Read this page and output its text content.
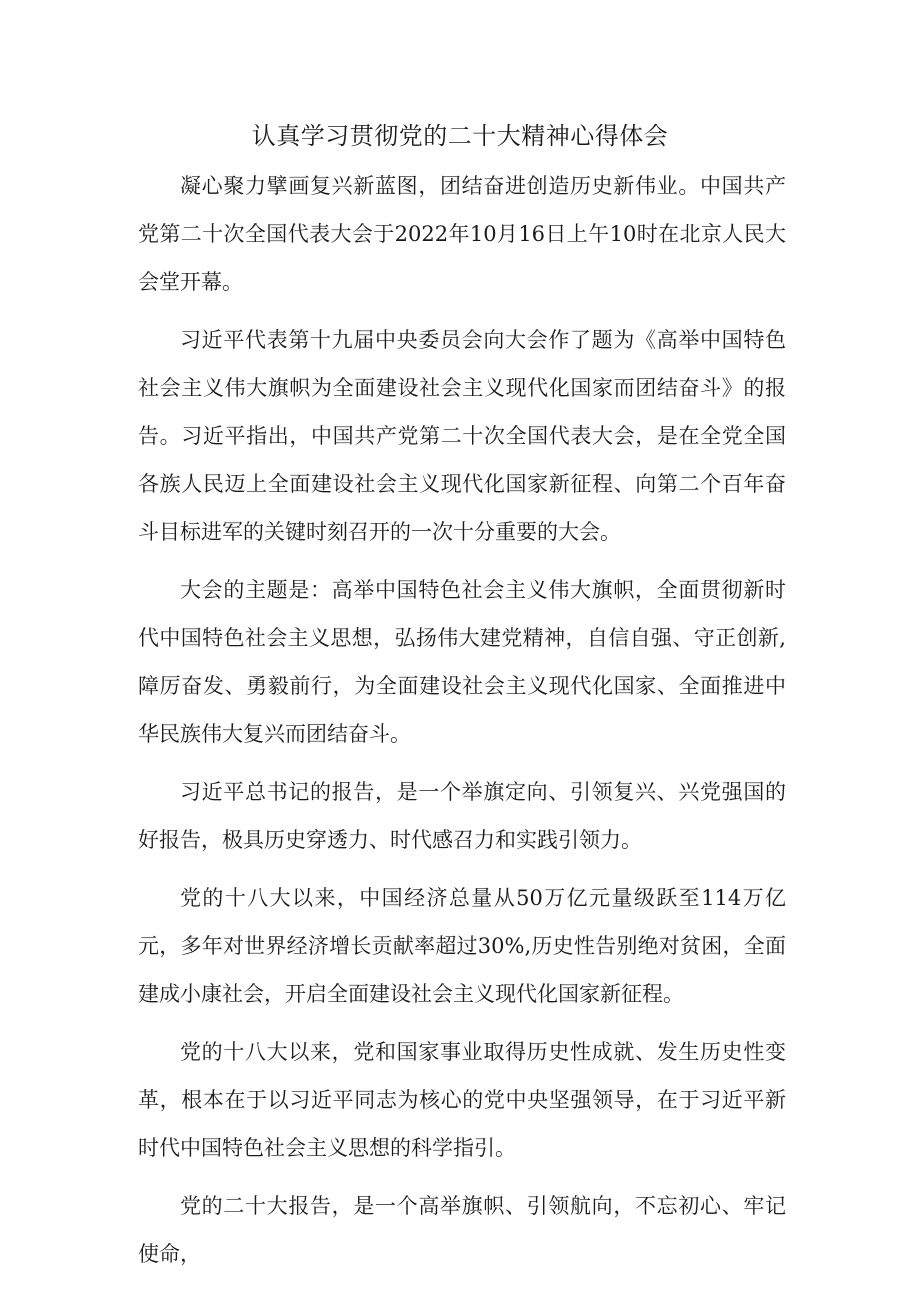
认真学习贯彻党的二十大精神心得体会

凝心聚力擘画复兴新蓝图，团结奋进创造历史新伟业。中国共产党第二十次全国代表大会于2022年10月16日上午10时在北京人民大会堂开幕。

习近平代表第十九届中央委员会向大会作了题为《高举中国特色社会主义伟大旗帜为全面建设社会主义现代化国家而团结奋斗》的报告。习近平指出，中国共产党第二十次全国代表大会，是在全党全国各族人民迈上全面建设社会主义现代化国家新征程、向第二个百年奋斗目标进军的关键时刻召开的一次十分重要的大会。

大会的主题是：高举中国特色社会主义伟大旗帜，全面贯彻新时代中国特色社会主义思想，弘扬伟大建党精神，自信自强、守正创新,障厉奋发、勇毅前行，为全面建设社会主义现代化国家、全面推进中华民族伟大复兴而团结奋斗。

习近平总书记的报告，是一个举旗定向、引领复兴、兴党强国的好报告，极具历史穿透力、时代感召力和实践引领力。

党的十八大以来，中国经济总量从50万亿元量级跃至114万亿元，多年对世界经济增长贡献率超过30%,历史性告别绝对贫困，全面建成小康社会，开启全面建设社会主义现代化国家新征程。

党的十八大以来，党和国家事业取得历史性成就、发生历史性变革，根本在于以习近平同志为核心的党中央坚强领导，在于习近平新时代中国特色社会主义思想的科学指引。

党的二十大报告，是一个高举旗帜、引领航向，不忘初心、牢记使命，
